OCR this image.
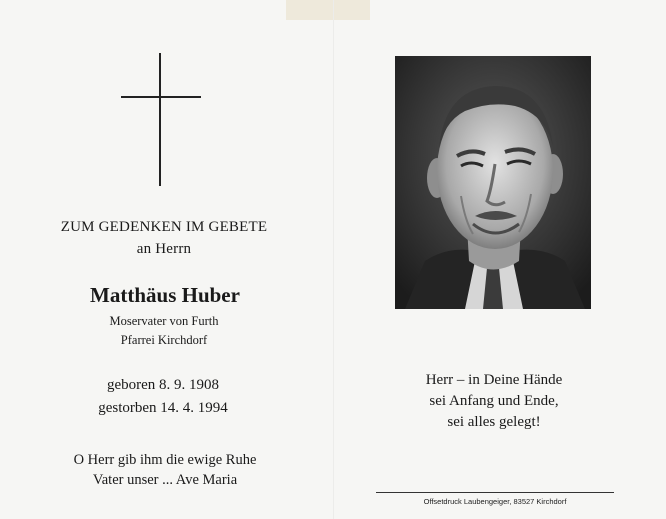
ZUM GEDENKEN IM GEBETE
an Herrn
Matthäus Huber
Moservater von Furth
Pfarrei Kirchdorf
geboren 8. 9. 1908
gestorben 14. 4. 1994
O Herr gib ihm die ewige Ruhe
Vater unser ... Ave Maria
Herr – in Deine Hände
sei Anfang und Ende,
sei alles gelegt!
Offsetdruck Laubengeiger, 83527 Kirchdorf
